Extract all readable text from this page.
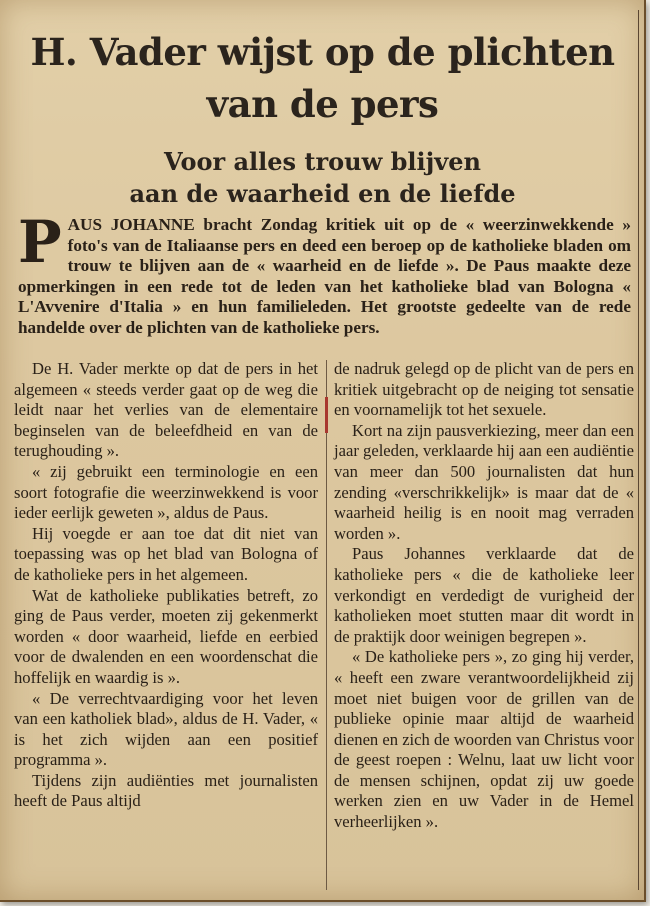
H. Vader wijst op de plichten
van de pers
Voor alles trouw blijven
aan de waarheid en de liefde
PAUS JOHANNE bracht Zondag kritiek uit op de « weerzinwekkende » foto's van de Italiaanse pers en deed een beroep op de katholieke bladen om trouw te blijven aan de « waarheid en de liefde ». De Paus maakte deze opmerkingen in een rede tot de leden van het katholieke blad van Bologna « L'Avvenire d'Italia » en hun familieleden. Het grootste gedeelte van de rede handelde over de plichten van de katholieke pers.

De H. Vader merkte op dat de pers in het algemeen « steeds verder gaat op de weg die leidt naar het verlies van de elementaire beginselen van de beleefdheid en van de terughouding ».

« zij gebruikt een terminologie en een soort fotografie die weerzinwekkend is voor ieder eerlijk geweten », aldus de Paus.

Hij voegde er aan toe dat dit niet van toepassing was op het blad van Bologna of de katholieke pers in het algemeen.

Wat de katholieke publikaties betreft, zo ging de Paus verder, moeten zij gekenmerkt worden « door waarheid, liefde en eerbied voor de dwalenden en een woordenschat die hoffelijk en waardig is ».

« De verrechtvaardiging voor het leven van een katholiek blad», aldus de H. Vader, « is het zich wijden aan een positief programma ».

Tijdens zijn audiënties met journalisten heeft de Paus altijd

de nadruk gelegd op de plicht van de pers en kritiek uitgebracht op de neiging tot sensatie en voornamelijk tot het sexuele.

Kort na zijn pausverkiezing, meer dan een jaar geleden, verklaarde hij aan een audiëntie van meer dan 500 journalisten dat hun zending «verschrikkelijk» is maar dat de « waarheid heilig is en nooit mag verraden worden ».

Paus Johannes verklaarde dat de katholieke pers « die de katholieke leer verkondigt en verdedigt de vurigheid der katholieken moet stutten maar dit wordt in de praktijk door weinigen begrepen ».

« De katholieke pers », zo ging hij verder, « heeft een zware verantwoordelijkheid zij moet niet buigen voor de grillen van de publieke opinie maar altijd de waarheid dienen en zich de woorden van Christus voor de geest roepen : Welnu, laat uw licht voor de mensen schijnen, opdat zij uw goede werken zien en uw Vader in de Hemel verheerlijken ».
